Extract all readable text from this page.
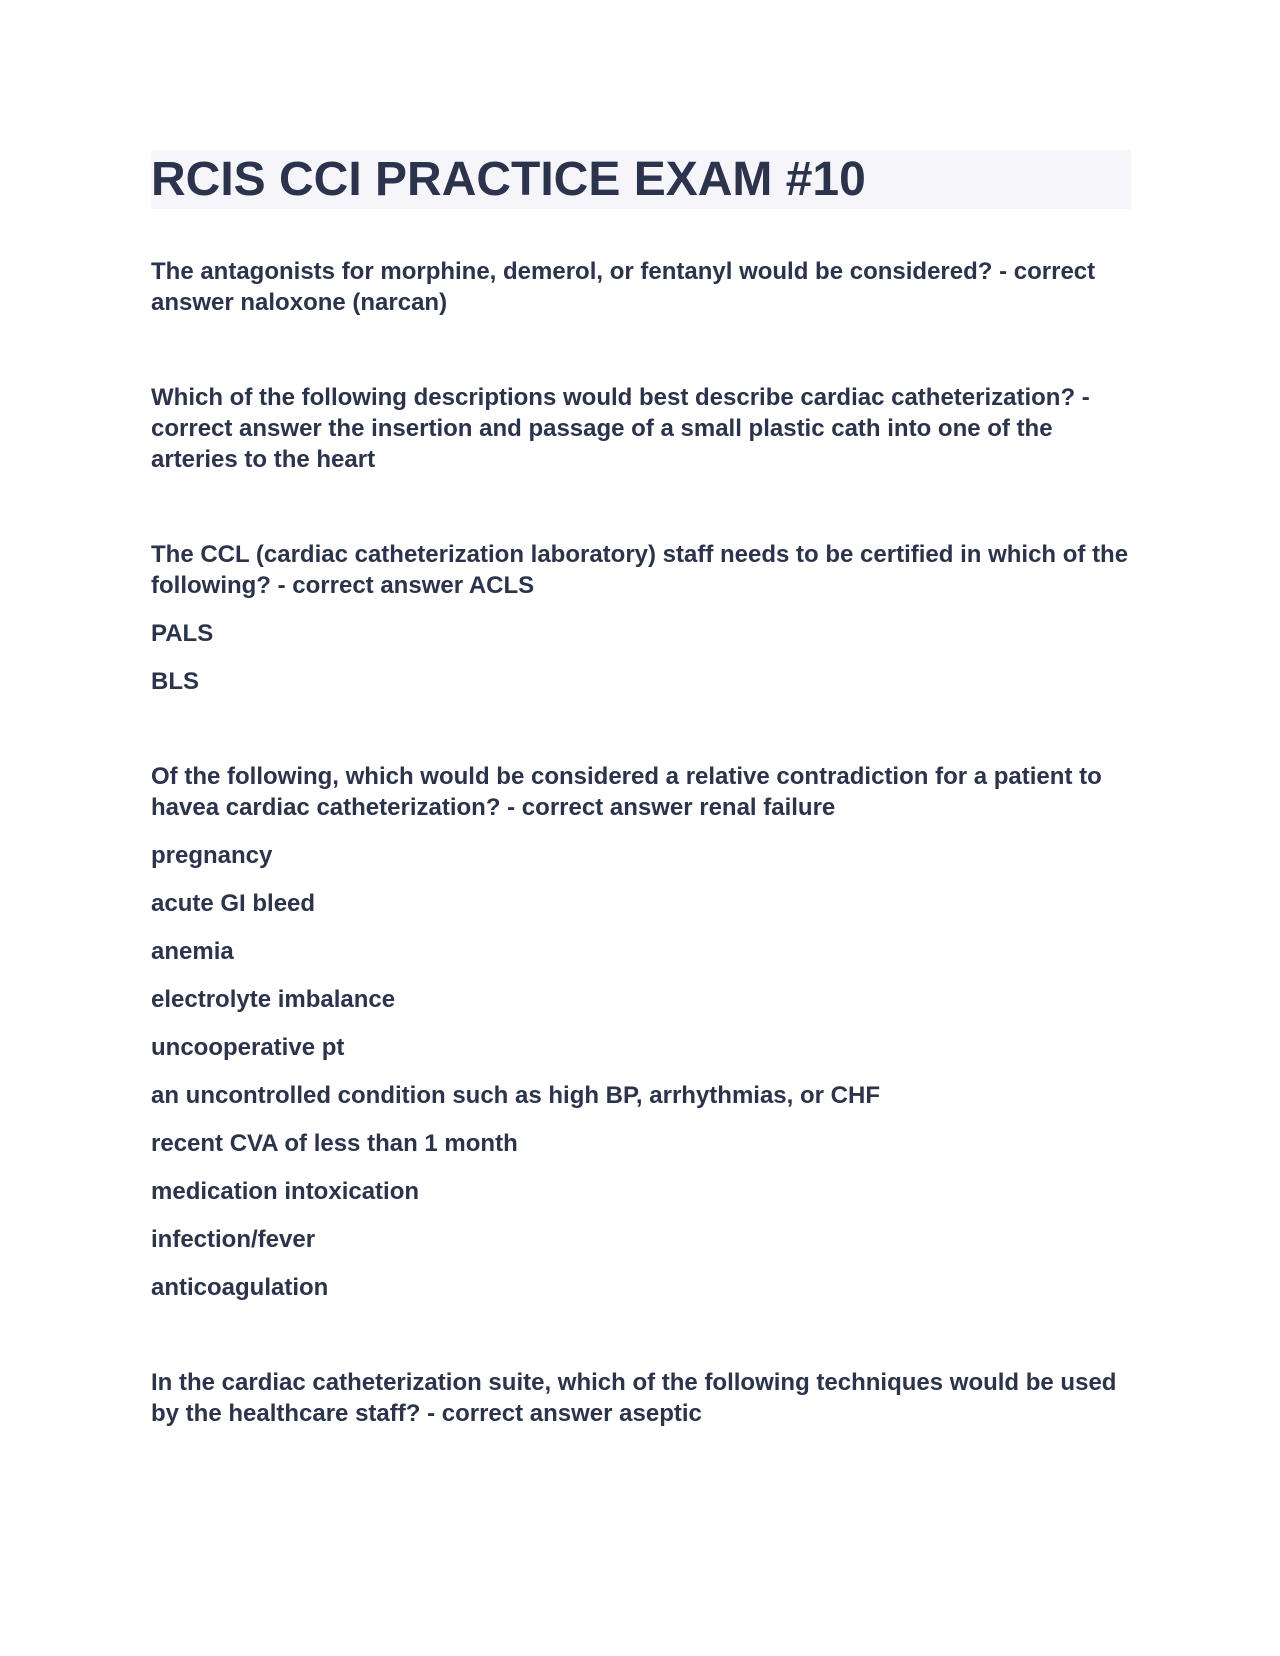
RCIS CCI PRACTICE EXAM #10

The antagonists for morphine, demerol, or fentanyl would be considered? - correct answer naloxone (narcan)

Which of the following descriptions would best describe cardiac catheterization? - correct answer the insertion and passage of a small plastic cath into one of the arteries to the heart

The CCL (cardiac catheterization laboratory) staff needs to be certified in which of the following? - correct answer ACLS

PALS

BLS

Of the following, which would be considered a relative contradiction for a patient to havea cardiac catheterization? - correct answer renal failure

pregnancy

acute GI bleed

anemia

electrolyte imbalance

uncooperative pt

an uncontrolled condition such as high BP, arrhythmias, or CHF

recent CVA of less than 1 month

medication intoxication

infection/fever

anticoagulation

In the cardiac catheterization suite, which of the following techniques would be used by the healthcare staff? - correct answer aseptic
